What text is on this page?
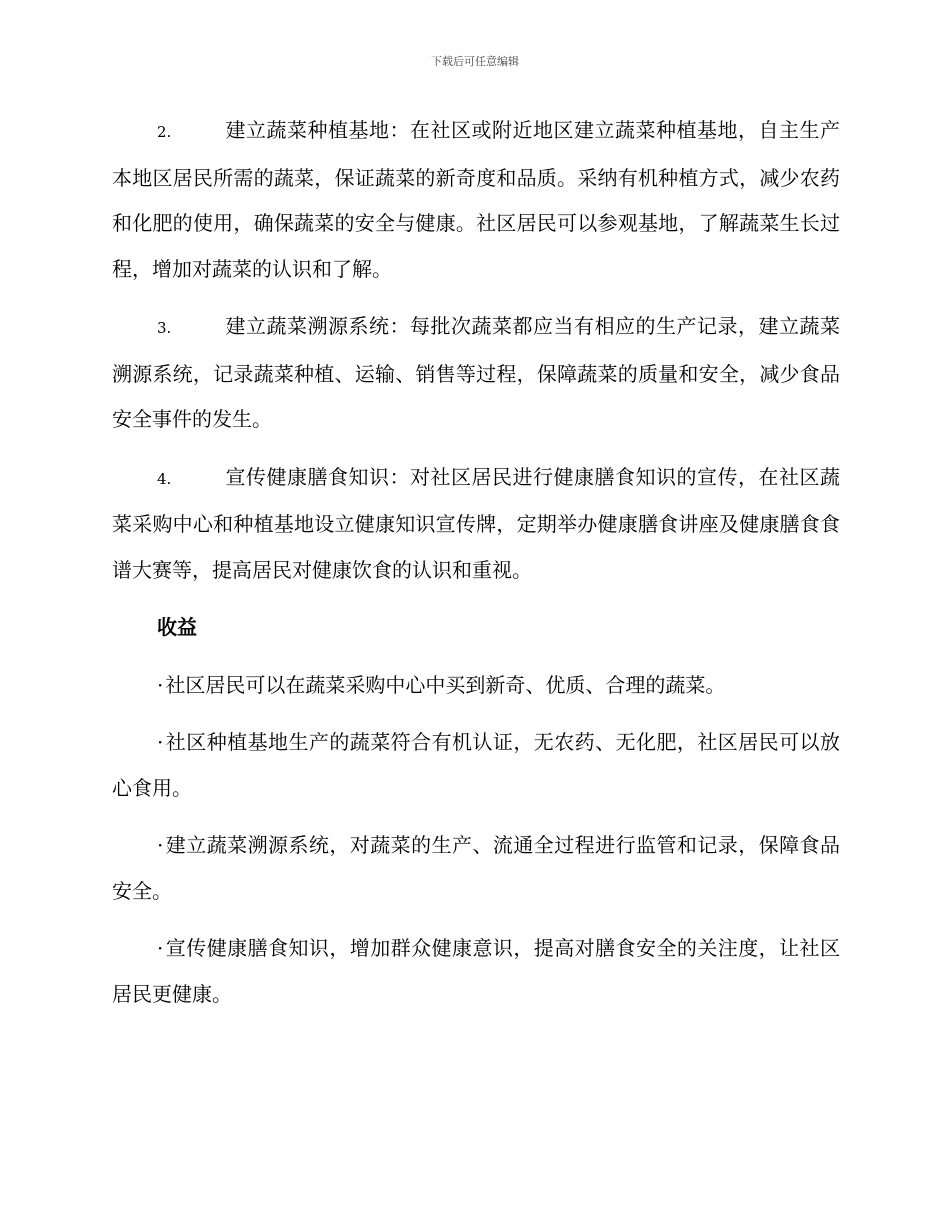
下载后可任意编辑

2.	建立蔬菜种植基地：在社区或附近地区建立蔬菜种植基地，自主生产本地区居民所需的蔬菜，保证蔬菜的新奇度和品质。采纳有机种植方式，减少农药和化肥的使用，确保蔬菜的安全与健康。社区居民可以参观基地，了解蔬菜生长过程，增加对蔬菜的认识和了解。

3.	建立蔬菜溯源系统：每批次蔬菜都应当有相应的生产记录，建立蔬菜溯源系统，记录蔬菜种植、运输、销售等过程，保障蔬菜的质量和安全，减少食品安全事件的发生。

4.	宣传健康膳食知识：对社区居民进行健康膳食知识的宣传，在社区蔬菜采购中心和种植基地设立健康知识宣传牌，定期举办健康膳食讲座及健康膳食食谱大赛等，提高居民对健康饮食的认识和重视。

收益

· 社区居民可以在蔬菜采购中心中买到新奇、优质、合理的蔬菜。

· 社区种植基地生产的蔬菜符合有机认证，无农药、无化肥，社区居民可以放心食用。

· 建立蔬菜溯源系统，对蔬菜的生产、流通全过程进行监管和记录，保障食品安全。

· 宣传健康膳食知识，增加群众健康意识，提高对膳食安全的关注度，让社区居民更健康。
